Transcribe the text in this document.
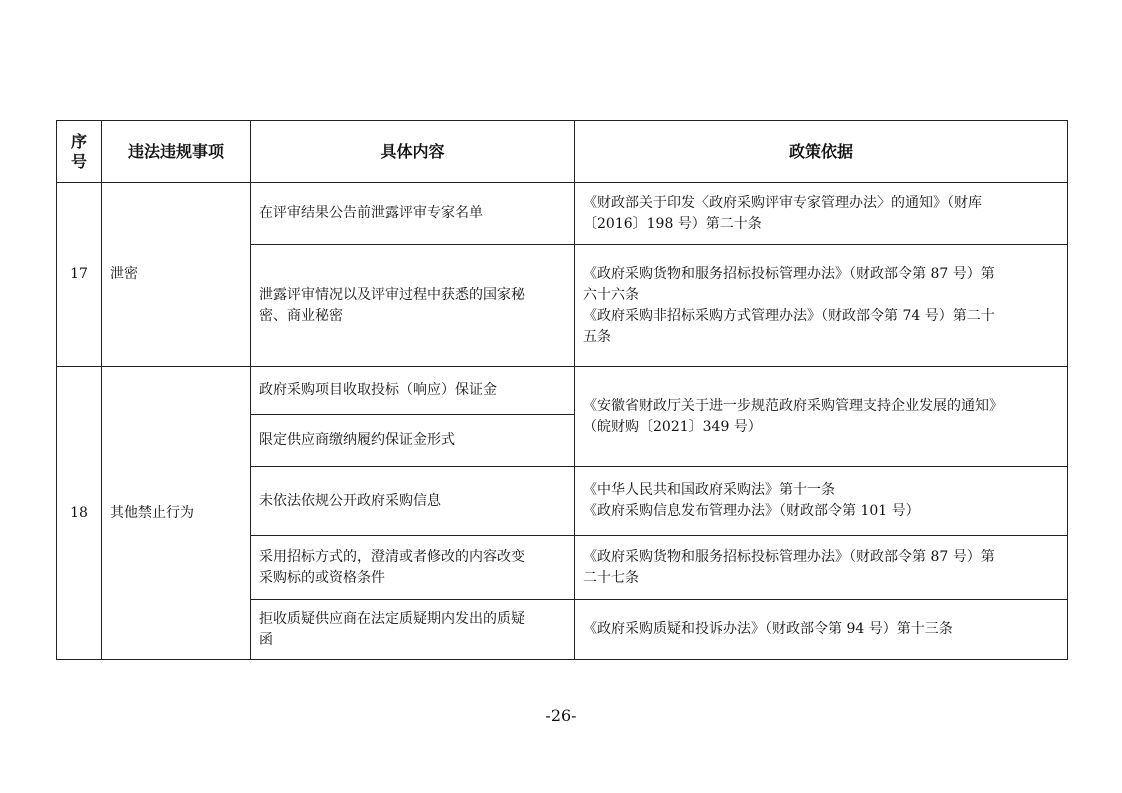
序
号	违法违规事项	具体内容	政策依据
17	泄密	在评审结果公告前泄露评审专家名单	《财政部关于印发〈政府采购评审专家管理办法〉的通知》（财库
〔2016〕198 号）第二十条

		泄露评审情况以及评审过程中获悉的国家秘
密、商业秘密	《政府采购货物和服务招标投标管理办法》（财政部令第 87 号）第
六十六条
《政府采购非招标采购方式管理办法》（财政部令第 74 号）第二十
五条

18	其他禁止行为	政府采购项目收取投标（响应）保证金	《安徽省财政厅关于进一步规范政府采购管理支持企业发展的通知》
（皖财购〔2021〕349 号）

		限定供应商缴纳履约保证金形式	

		未依法依规公开政府采购信息	《中华人民共和国政府采购法》第十一条
《政府采购信息发布管理办法》（财政部令第 101 号）

		采用招标方式的，澄清或者修改的内容改变
采购标的或资格条件	《政府采购货物和服务招标投标管理办法》（财政部令第 87 号）第
二十七条

		拒收质疑供应商在法定质疑期内发出的质疑
函	《政府采购质疑和投诉办法》（财政部令第 94 号）第十三条
-26-
